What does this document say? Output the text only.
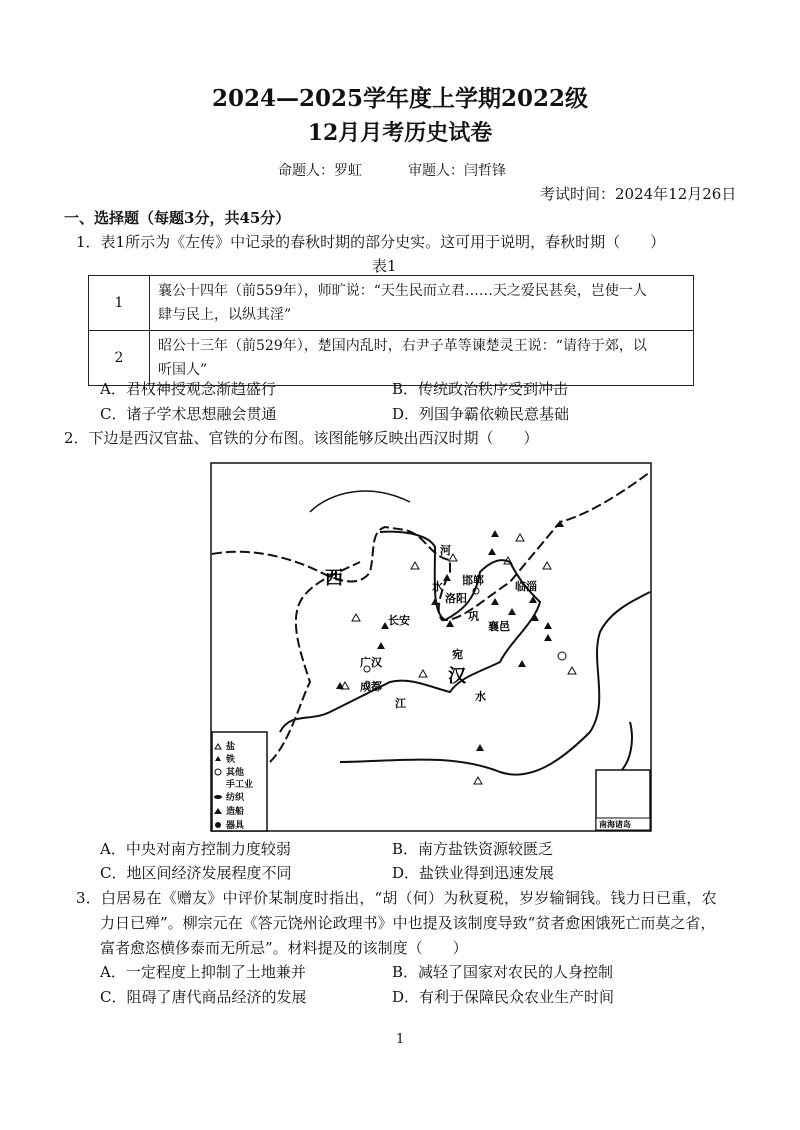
2024—2025学年度上学期2022级
12月月考历史试卷
命题人：罗虹	审题人：闫哲锋
考试时间：2024年12月26日
一、选择题（每题3分，共45分）
1．表1所示为《左传》中记录的春秋时期的部分史实。这可用于说明，春秋时期（　　）
表1
1	襄公十四年（前559年），师旷说：“天生民而立君……天之爱民甚矣，岂使一人
肆与民上，以纵其淫”

2	昭公十三年（前529年），楚国内乱时，右尹子革等谏楚灵王说：“请待于郊，以
听国人”
A．君权神授观念渐趋盛行	B．传统政治秩序受到冲击
C．诸子学术思想融会贯通	D．列国争霸依赖民意基础
2．下边是西汉官盐、官铁的分布图。该图能够反映出西汉时期（　　）
西
汉
长安
洛阳
邯郸	临淄
襄邑
宛
广汉
成都
巩
河
水
江
水
盐
铁
其他
手工业
纺织
造船
器具	南海诸岛
A．中央对南方控制力度较弱	B．南方盐铁资源较匮乏
C．地区间经济发展程度不同	D．盐铁业得到迅速发展
3．白居易在《赠友》中评价某制度时指出，“胡（何）为秋夏税，岁岁输铜钱。钱力日已重，农
力日已殚”。柳宗元在《答元饶州论政理书》中也提及该制度导致“贫者愈困饿死亡而莫之省，
富者愈恣横侈泰而无所忌”。材料提及的该制度（　　）
A．一定程度上抑制了土地兼并	B．减轻了国家对农民的人身控制
C．阻碍了唐代商品经济的发展	D．有利于保障民众农业生产时间
1
